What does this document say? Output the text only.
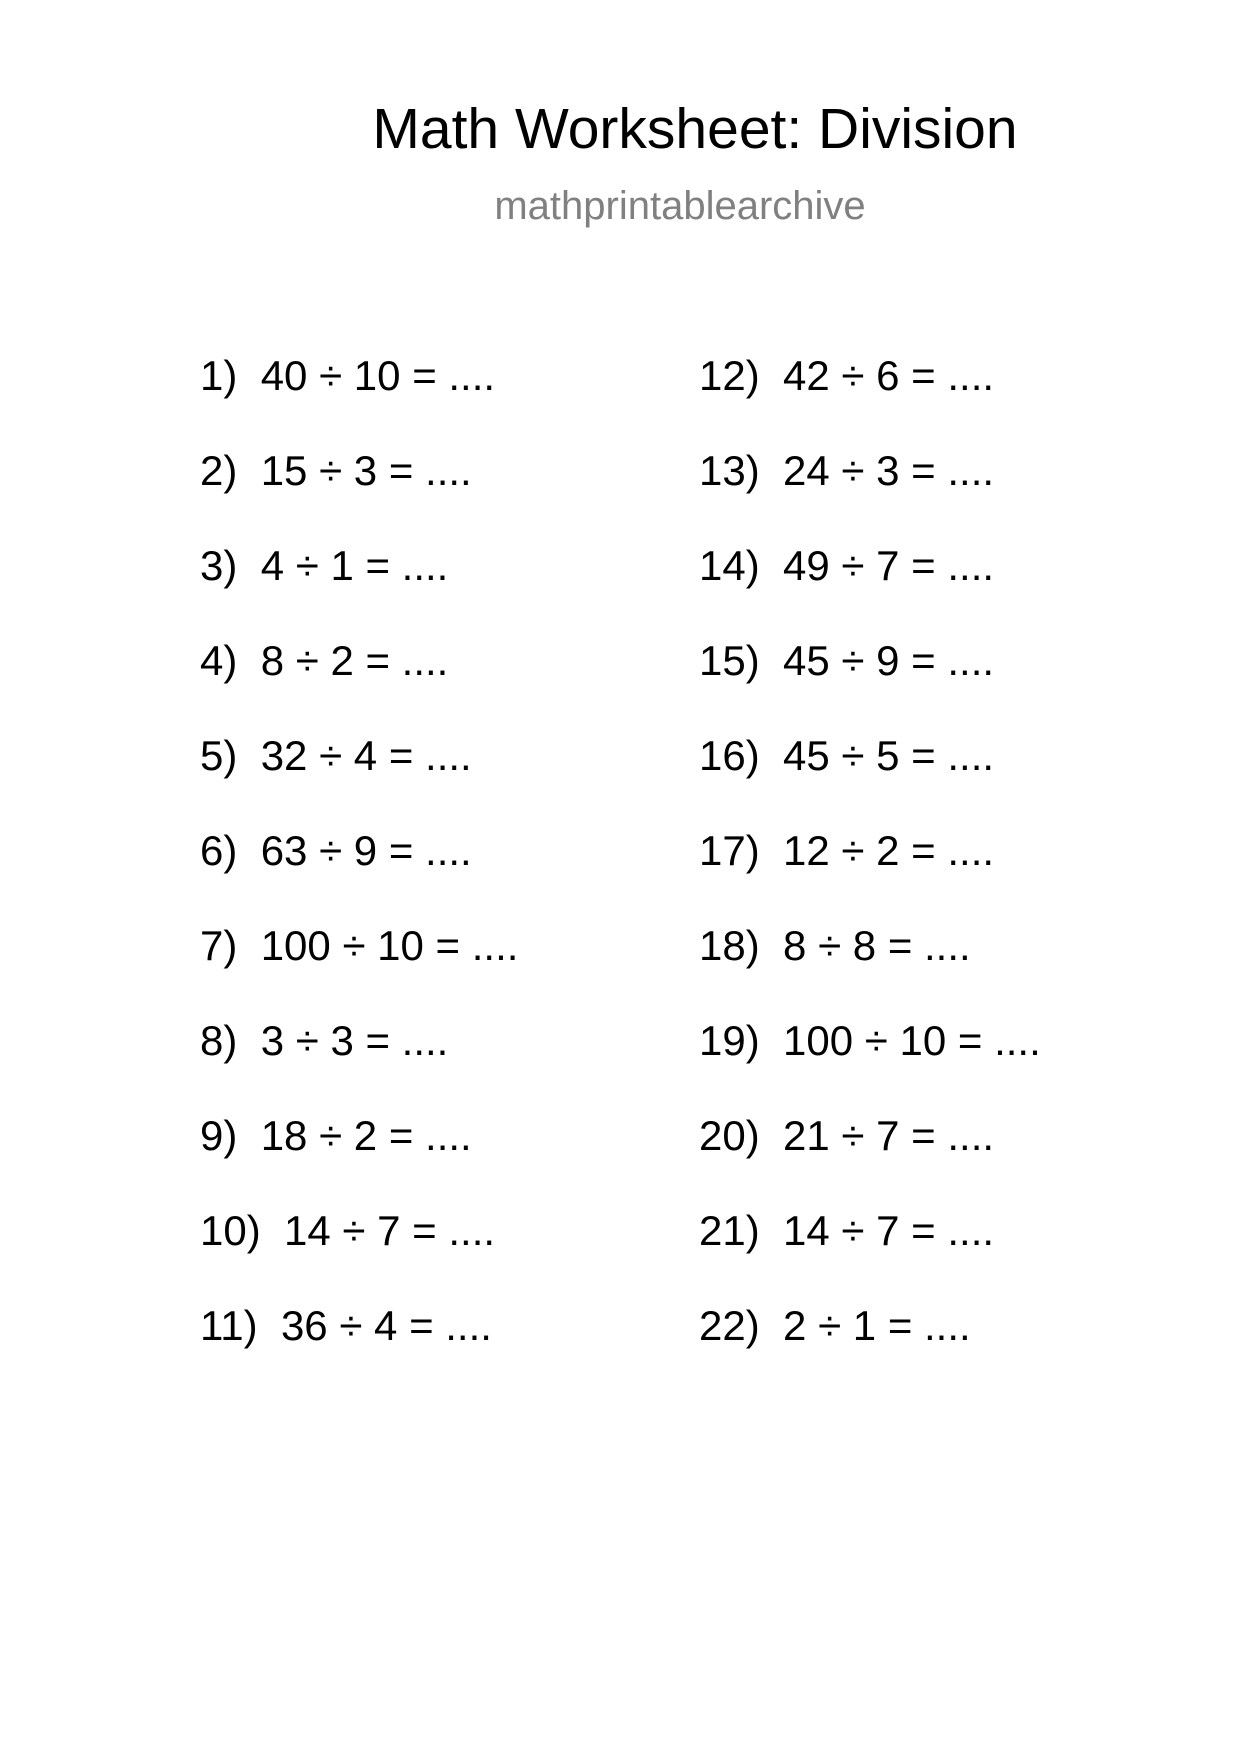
Math Worksheet: Division
mathprintablearchive
1) 40 ÷ 10 = ....
2) 15 ÷ 3 = ....
3) 4 ÷ 1 = ....
4) 8 ÷ 2 = ....
5) 32 ÷ 4 = ....
6) 63 ÷ 9 = ....
7) 100 ÷ 10 = ....
8) 3 ÷ 3 = ....
9) 18 ÷ 2 = ....
10) 14 ÷ 7 = ....
11) 36 ÷ 4 = ....
12) 42 ÷ 6 = ....
13) 24 ÷ 3 = ....
14) 49 ÷ 7 = ....
15) 45 ÷ 9 = ....
16) 45 ÷ 5 = ....
17) 12 ÷ 2 = ....
18) 8 ÷ 8 = ....
19) 100 ÷ 10 = ....
20) 21 ÷ 7 = ....
21) 14 ÷ 7 = ....
22) 2 ÷ 1 = ....
